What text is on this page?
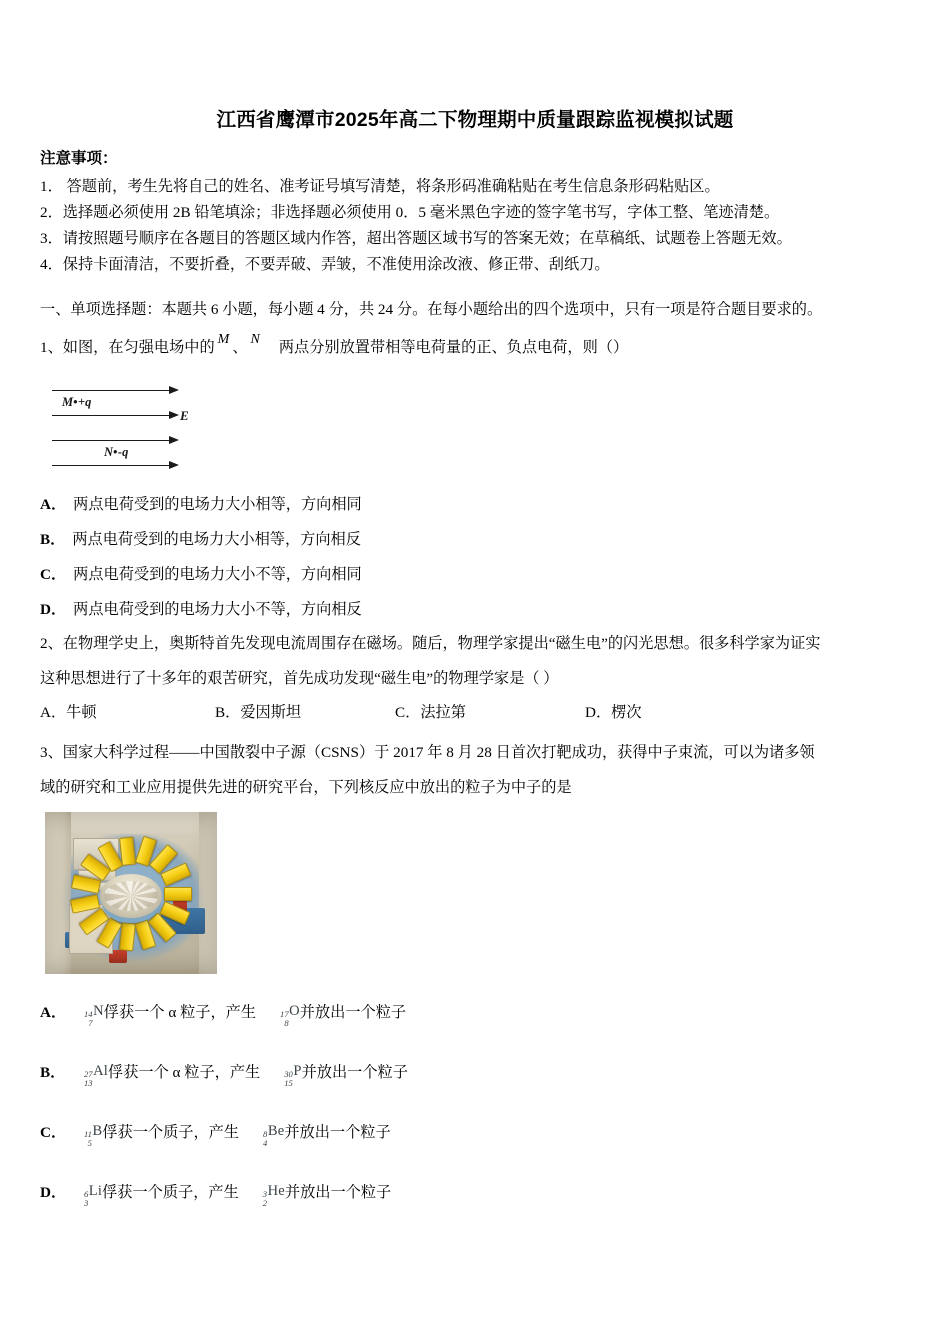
江西省鹰潭市2025年高二下物理期中质量跟踪监视模拟试题
注意事项：
1． 答题前，考生先将自己的姓名、准考证号填写清楚，将条形码准确粘贴在考生信息条形码粘贴区。
2．选择题必须使用 2B 铅笔填涂；非选择题必须使用 0．5 毫米黑色字迹的签字笔书写，字体工整、笔迹清楚。
3．请按照题号顺序在各题目的答题区域内作答，超出答题区域书写的答案无效；在草稿纸、试题卷上答题无效。
4．保持卡面清洁，不要折叠，不要弄破、弄皱，不准使用涂改液、修正带、刮纸刀。
一、单项选择题：本题共 6 小题，每小题 4 分，共 24 分。在每小题给出的四个选项中，只有一项是符合题目要求的。
1、如图，在匀强电场中的 M 、 N 两点分别放置带相等电荷量的正、负点电荷，则（）
M•+q
N•-q
E
A． 两点电荷受到的电场力大小相等，方向相同
B． 两点电荷受到的电场力大小相等，方向相反
C． 两点电荷受到的电场力大小不等，方向相同
D． 两点电荷受到的电场力大小不等，方向相反
2、在物理学史上，奥斯特首先发现电流周围存在磁场。随后，物理学家提出“磁生电”的闪光思想。很多科学家为证实
这种思想进行了十多年的艰苦研究，首先成功发现“磁生电”的物理学家是（ ）
A．牛顿	B．爱因斯坦	C．法拉第	D．楞次
3、国家大科学过程——中国散裂中子源（CSNS）于 2017 年 8 月 28 日首次打靶成功，获得中子束流，可以为诸多领
域的研究和工业应用提供先进的研究平台，下列核反应中放出的粒子为中子的是
A． 14
7
N俘获一个 α 粒子，产生	17
8
O并放出一个粒子
B． 27
13
Al俘获一个 α 粒子，产生	30
15
P并放出一个粒子
C． 11
5
B俘获一个质子，产生	8
4
Be并放出一个粒子
D． 6
3
Li俘获一个质子，产生	3
2
He并放出一个粒子
